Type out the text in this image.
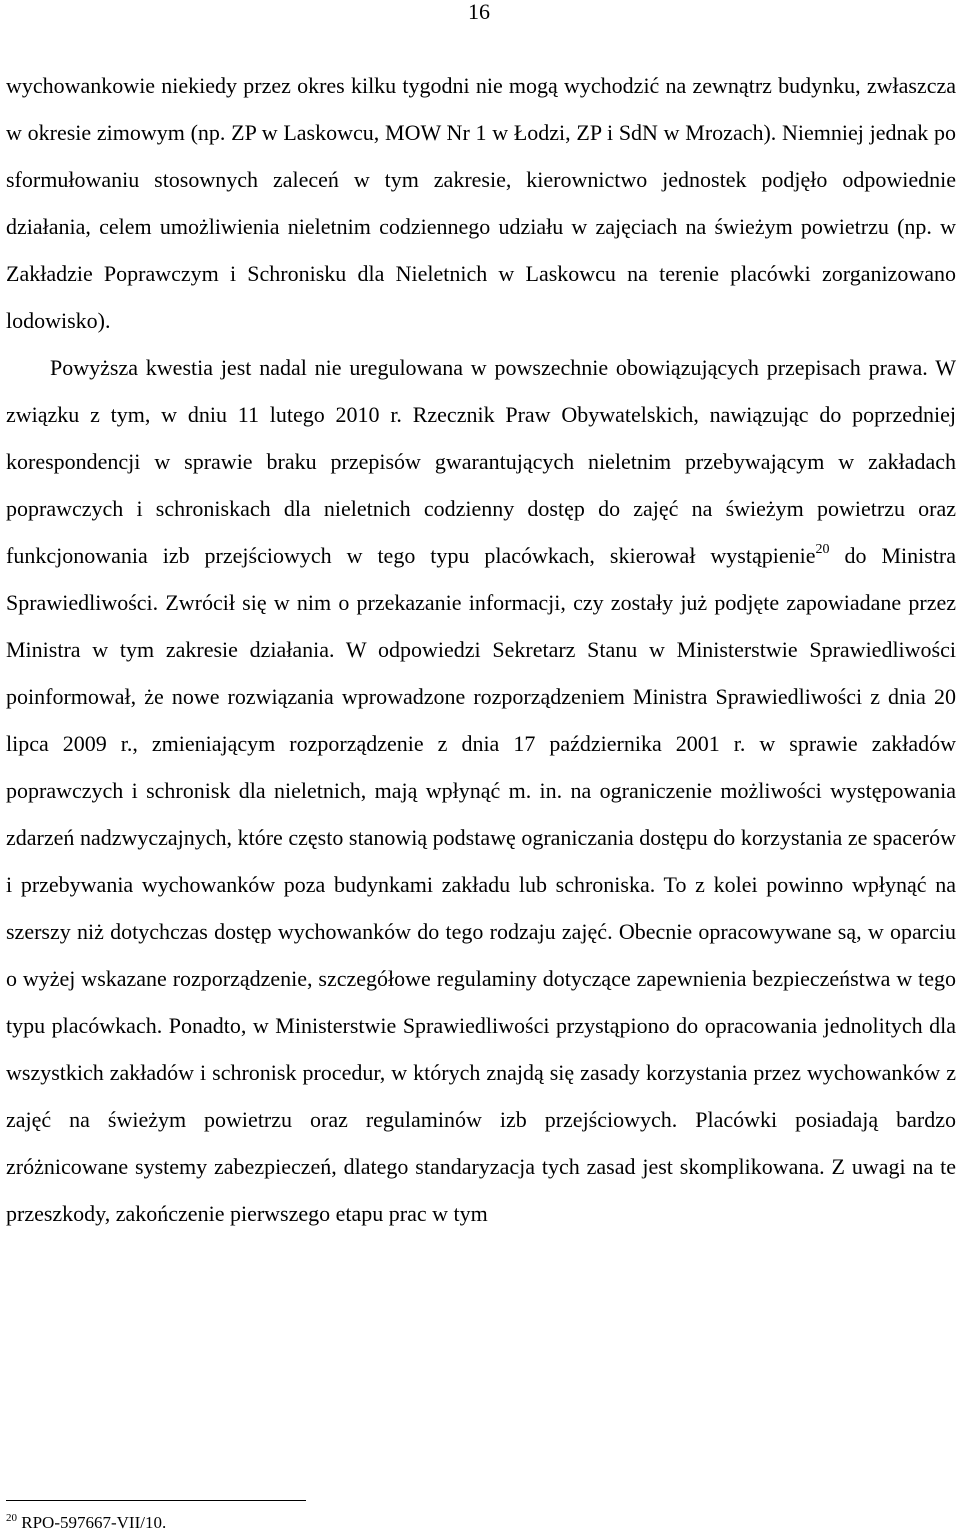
16

wychowankowie niekiedy przez okres kilku tygodni nie mogą wychodzić na zewnątrz budynku, zwłaszcza w okresie zimowym (np. ZP w Laskowcu, MOW Nr 1 w Łodzi, ZP i SdN w Mrozach). Niemniej jednak po sformułowaniu stosownych zaleceń w tym zakresie, kierownictwo jednostek podjęło odpowiednie działania, celem umożliwienia nieletnim codziennego udziału w zajęciach na świeżym powietrzu (np. w Zakładzie Poprawczym i Schronisku dla Nieletnich w Laskowcu na terenie placówki zorganizowano lodowisko).

Powyższa kwestia jest nadal nie uregulowana w powszechnie obowiązujących przepisach prawa. W związku z tym, w dniu 11 lutego 2010 r. Rzecznik Praw Obywatelskich, nawiązując do poprzedniej korespondencji w sprawie braku przepisów gwarantujących nieletnim przebywającym w zakładach poprawczych i schroniskach dla nieletnich codzienny dostęp do zajęć na świeżym powietrzu oraz funkcjonowania izb przejściowych w tego typu placówkach, skierował wystąpienie$^{20}$ do Ministra Sprawiedliwości. Zwrócił się w nim o przekazanie informacji, czy zostały już podjęte zapowiadane przez Ministra w tym zakresie działania. W odpowiedzi Sekretarz Stanu w Ministerstwie Sprawiedliwości poinformował, że nowe rozwiązania wprowadzone rozporządzeniem Ministra Sprawiedliwości z dnia 20 lipca 2009 r., zmieniającym rozporządzenie z dnia 17 października 2001 r. w sprawie zakładów poprawczych i schronisk dla nieletnich, mają wpłynąć m. in. na ograniczenie możliwości występowania zdarzeń nadzwyczajnych, które często stanowią podstawę ograniczania dostępu do korzystania ze spacerów i przebywania wychowanków poza budynkami zakładu lub schroniska. To z kolei powinno wpłynąć na szerszy niż dotychczas dostęp wychowanków do tego rodzaju zajęć. Obecnie opracowywane są, w oparciu o wyżej wskazane rozporządzenie, szczegółowe regulaminy dotyczące zapewnienia bezpieczeństwa w tego typu placówkach. Ponadto, w Ministerstwie Sprawiedliwości przystąpiono do opracowania jednolitych dla wszystkich zakładów i schronisk procedur, w których znajdą się zasady korzystania przez wychowanków z zajęć na świeżym powietrzu oraz regulaminów izb przejściowych. Placówki posiadają bardzo zróżnicowane systemy zabezpieczeń, dlatego standaryzacja tych zasad jest skomplikowana. Z uwagi na te przeszkody, zakończenie pierwszego etapu prac w tym

$^{20}$ RPO-597667-VII/10.
